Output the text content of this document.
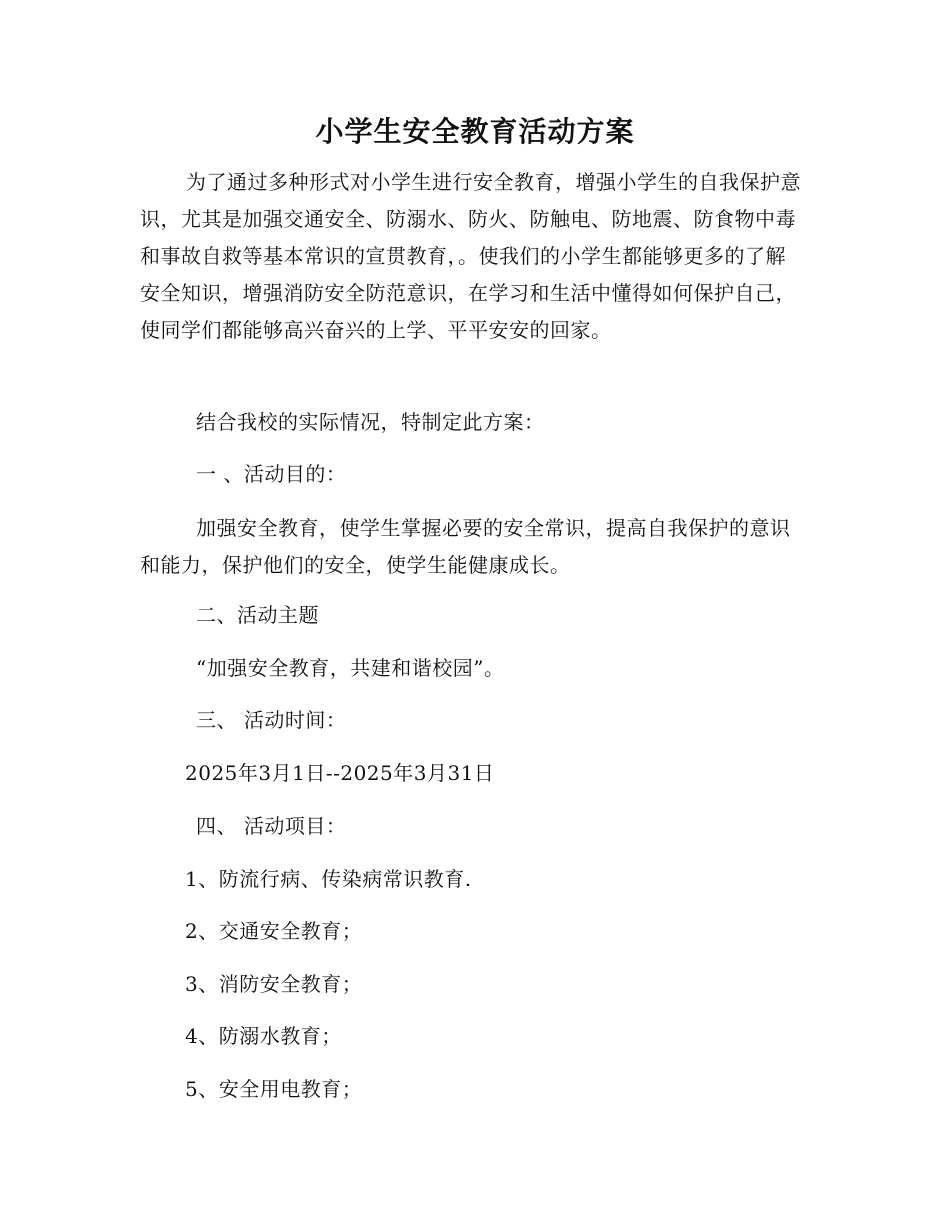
小学生安全教育活动方案
为了通过多种形式对小学生进行安全教育，增强小学生的自我保护意识，尤其是加强交通安全、防溺水、防火、防触电、防地震、防食物中毒和事故自救等基本常识的宣贯教育，。使我们的小学生都能够更多的了解安全知识，增强消防安全防范意识，在学习和生活中懂得如何保护自己，使同学们都能够高兴奋兴的上学、平平安安的回家。
结合我校的实际情况，特制定此方案：
一 、活动目的：
加强安全教育，使学生掌握必要的安全常识，提高自我保护的意识和能力，保护他们的安全，使学生能健康成长。
二、活动主题
“加强安全教育，共建和谐校园”。
三、 活动时间：
2025年3月1日--2025年3月31日
四、 活动项目：
1、防流行病、传染病常识教育.
2、交通安全教育；
3、消防安全教育；
4、防溺水教育；
5、安全用电教育；
